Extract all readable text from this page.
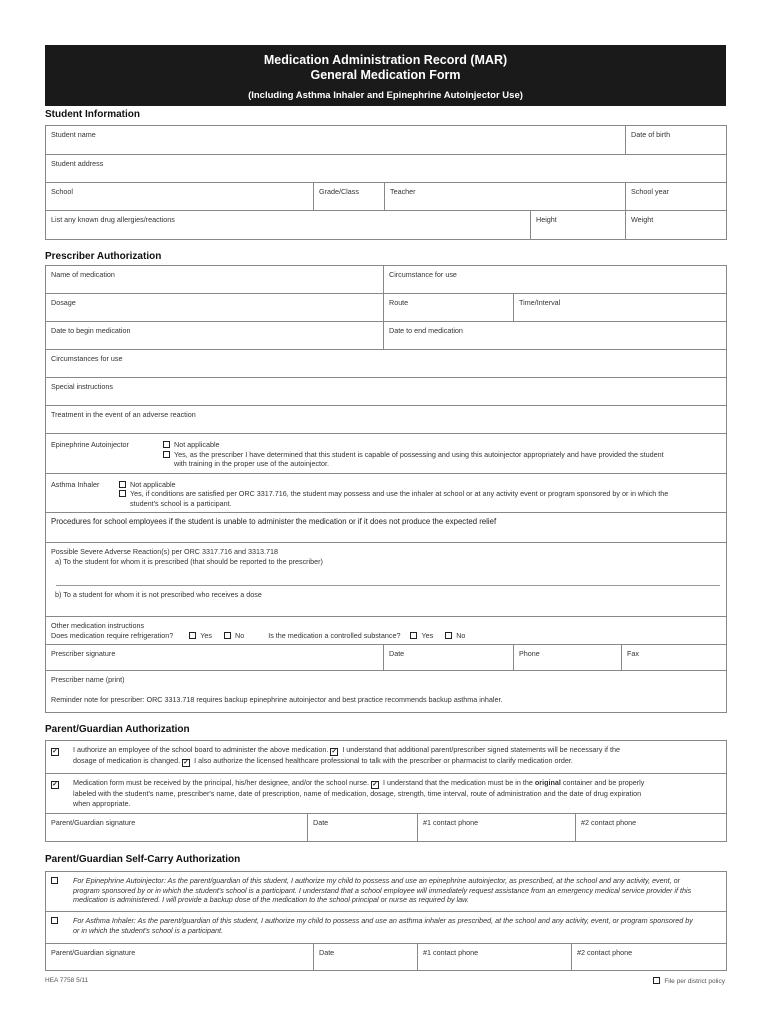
Medication Administration Record (MAR)
General Medication Form
(Including Asthma Inhaler and Epinephrine Autoinjector Use)
Student Information
Student name				Date of birth
Student address				
School	Grade/Class	Teacher		School year
List any known drug allergies/reactions			Height	Weight
Prescriber Authorization
Name of medication	Circumstance for use		
Dosage	Route	Time/Interval	
Date to begin medication	Date to end medication		
Circumstances for use			
Special instructions			
Treatment in the event of an adverse reaction			

Epinephrine Autoinjector Not applicable
Yes, as the prescriber I have determined that this student is capable of possessing and using this autoinjector appropriately and have provided the student
with training in the proper use of the autoinjector.			

Asthma Inhaler Not applicable
Yes, if conditions are satisfied per ORC 3317.716, the student may possess and use the inhaler at school or at any activity event or program sponsored by or in which the
student's school is a participant.			

Procedures for school employees if the student is unable to administer the medication or if it does not produce the expected relief			

Possible Severe Adverse Reaction(s) per ORC 3317.716 and 3313.718
a) To the student for whom it is prescribed (that should be reported to the prescriber)
b) To a student for whom it is not prescribed who receives a dose			

Other medication instructions
Does medication require refrigeration? Yes No Is the medication a controlled substance? Yes No			

Prescriber signature	Date	Phone	Fax

Prescriber name (print)
Reminder note for prescriber: ORC 3313.718 requires backup epinephrine autoinjector and best practice recommends backup asthma inhaler.			
Parent/Guardian Authorization
✓	I authorize an employee of the school board to administer the above medication. ✓ I understand that additional parent/prescriber signed statements will be necessary if the
dosage of medication is changed. ✓ I also authorize the licensed healthcare professional to talk with the prescriber or pharmacist to clarify medication order.

✓	Medication form must be received by the principal, his/her designee, and/or the school nurse. ✓ I understand that the medication must be in the original container and be properly
labeled with the student's name, prescriber's name, date of prescription, name of medication, dosage, strength, time interval, route of administration and the date of drug expiration
when appropriate.

Parent/Guardian signature	Date	#1 contact phone	#2 contact phone
Parent/Guardian Self-Carry Authorization
For Epinephrine Autoinjector: As the parent/guardian of this student, I authorize my child to possess and use an epinephrine autoinjector, as prescribed, at the school and any activity, event, or
program sponsored by or in which the student's school is a participant. I understand that a school employee will immediately request assistance from an emergency medical service provider if this
medication is administered. I will provide a backup dose of the medication to the school principal or nurse as required by law.

For Asthma Inhaler: As the parent/guardian of this student, I authorize my child to possess and use an asthma inhaler as prescribed, at the school and any activity, event, or program sponsored by
or in which the student's school is a participant.

Parent/Guardian signature	Date	#1 contact phone	#2 contact phone
HEA 7758 5/11	File per district policy
